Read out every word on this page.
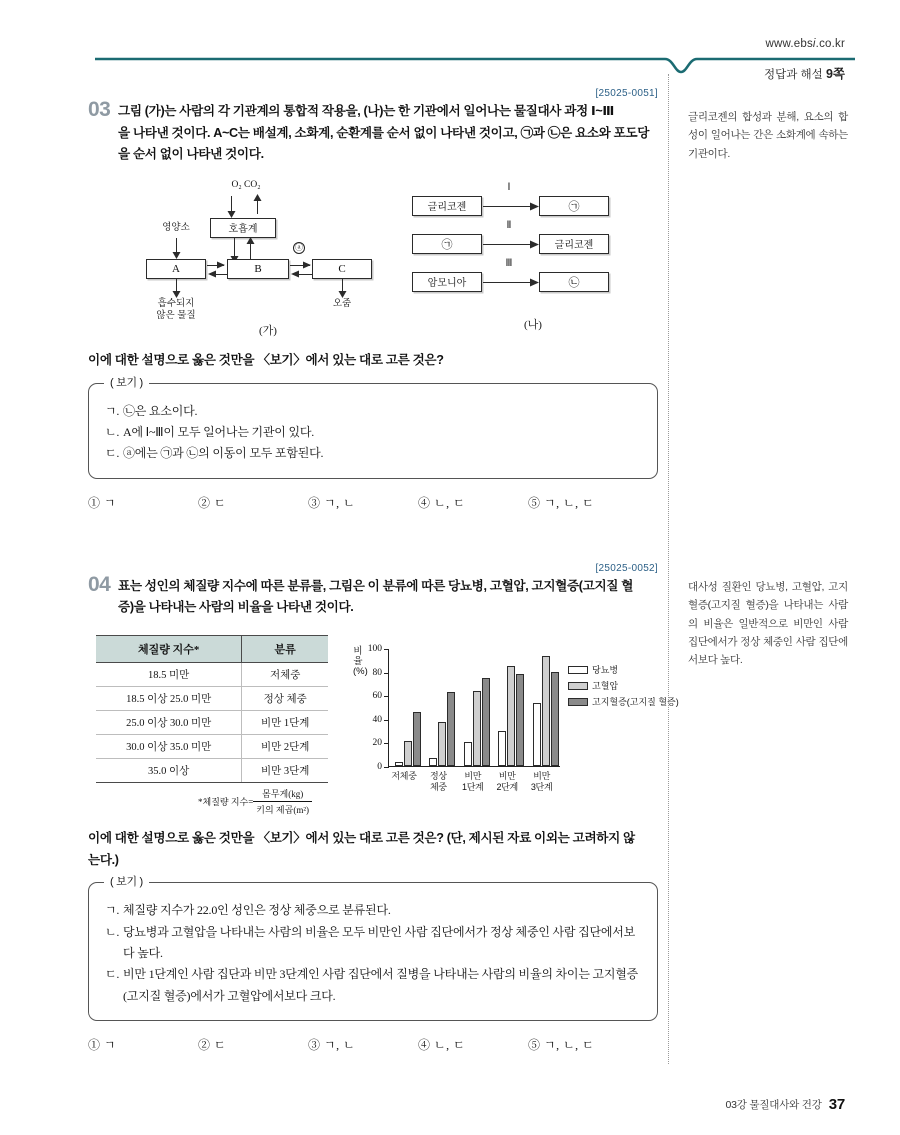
www.ebsi.co.kr
정답과 해설 9쪽
[25025-0051]
03 그림 (가)는 사람의 각 기관계의 통합적 작용을, (나)는 한 기관에서 일어나는 물질대사 과정 Ⅰ~Ⅲ
을 나타낸 것이다. A~C는 배설계, 소화계, 순환계를 순서 없이 나타낸 것이고, ㉠과 ㉡은 요소와 포도당
을 순서 없이 나타낸 것이다.
O₂ CO₂
호흡계
영양소
A	B	C
ⓐ
흡수되지
않은 물질
오줌
(가)
글리코젠
Ⅰ
㉠
㉠
Ⅱ
글리코젠
암모니아
Ⅲ
㉡
(나)
이에 대한 설명으로 옳은 것만을 〈보기〉에서 있는 대로 고른 것은?
( 보기 )
ㄱ. ㉡은 요소이다.
ㄴ. A에 Ⅰ~Ⅲ이 모두 일어나는 기관이 있다.
ㄷ. ⓐ에는 ㉠과 ㉡의 이동이 모두 포함된다.
① ㄱ	② ㄷ	③ ㄱ, ㄴ	④ ㄴ, ㄷ	⑤ ㄱ, ㄴ, ㄷ
[25025-0052]
04 표는 성인의 체질량 지수에 따른 분류를, 그림은 이 분류에 따른 당뇨병, 고혈압, 고지혈증(고지질 혈
증)을 나타내는 사람의 비율을 나타낸 것이다.
체질량 지수*	분류
18.5 미만	저체중
18.5 이상 25.0 미만	정상 체중
25.0 이상 30.0 미만	비만 1단계
30.0 이상 35.0 미만	비만 2단계
35.0 이상	비만 3단계
*체질량 지수= $\frac{\text{몸무게(kg)}}{\text{키의 제곱(m²)}}$
비율 (%)
0
20
40
60
80
100
저체중	정상
체중
비만
1단계
비만
2단계
비만
3단계
당뇨병
고혈압
고지혈증(고지질 혈증)
이에 대한 설명으로 옳은 것만을 〈보기〉에서 있는 대로 고른 것은? (단, 제시된 자료 이외는 고려하지 않
는다.)
( 보기 )
ㄱ. 체질량 지수가 22.0인 성인은 정상 체중으로 분류된다.
ㄴ. 당뇨병과 고혈압을 나타내는 사람의 비율은 모두 비만인 사람 집단에서가 정상 체중인 사람 집단에서보다 높다.
ㄷ. 비만 1단계인 사람 집단과 비만 3단계인 사람 집단에서 질병을 나타내는 사람의 비율의 차이는 고지혈증(고지질 혈증)에서가 고혈압에서보다 크다.
① ㄱ	② ㄷ	③ ㄱ, ㄴ	④ ㄴ, ㄷ	⑤ ㄱ, ㄴ, ㄷ

글리코젠의 합성과 분해, 요소의 합성이 일어나는 간은 소화계에 속하는 기관이다.

대사성 질환인 당뇨병, 고혈압, 고지혈증(고지질 혈증)을 나타내는 사람의 비율은 일반적으로 비만인 사람 집단에서가 정상 체중인 사람 집단에서보다 높다.

03강 물질대사와 건강 37
